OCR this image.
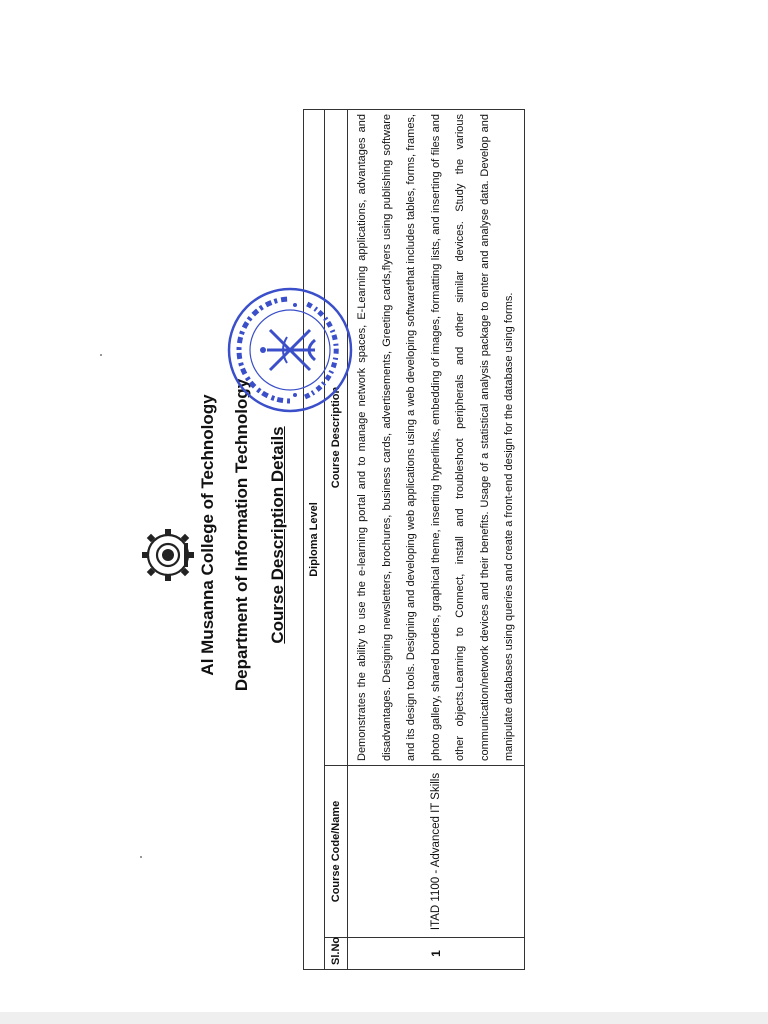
Al Musanna College of Technology Department of Information Technology Course Description Details Diploma Level		
Sl.No	Course Code/Name	Course Description
1	ITAD 1100 - Advanced IT Skills	Demonstrates the ability to use the e-learning portal and to manage network spaces, E-Learning applications, advantages and disadvantages. Designing newsletters, brochures, business cards, advertisements, Greeting cards,flyers using publishing software and its design tools. Designing and developing web applications using a web developing softwarethat includes tables, forms, frames, photo gallery, shared borders, graphical theme, inserting hyperlinks, embedding of images, formatting lists, and inserting of files and other objects.Learning to Connect, install and troubleshoot peripherals and other similar devices. Study the various communication/network devices and their benefits. Usage of a statistical analysis package to enter and analyse data. Develop and manipulate databases using queries and create a front-end design for the database using forms.
